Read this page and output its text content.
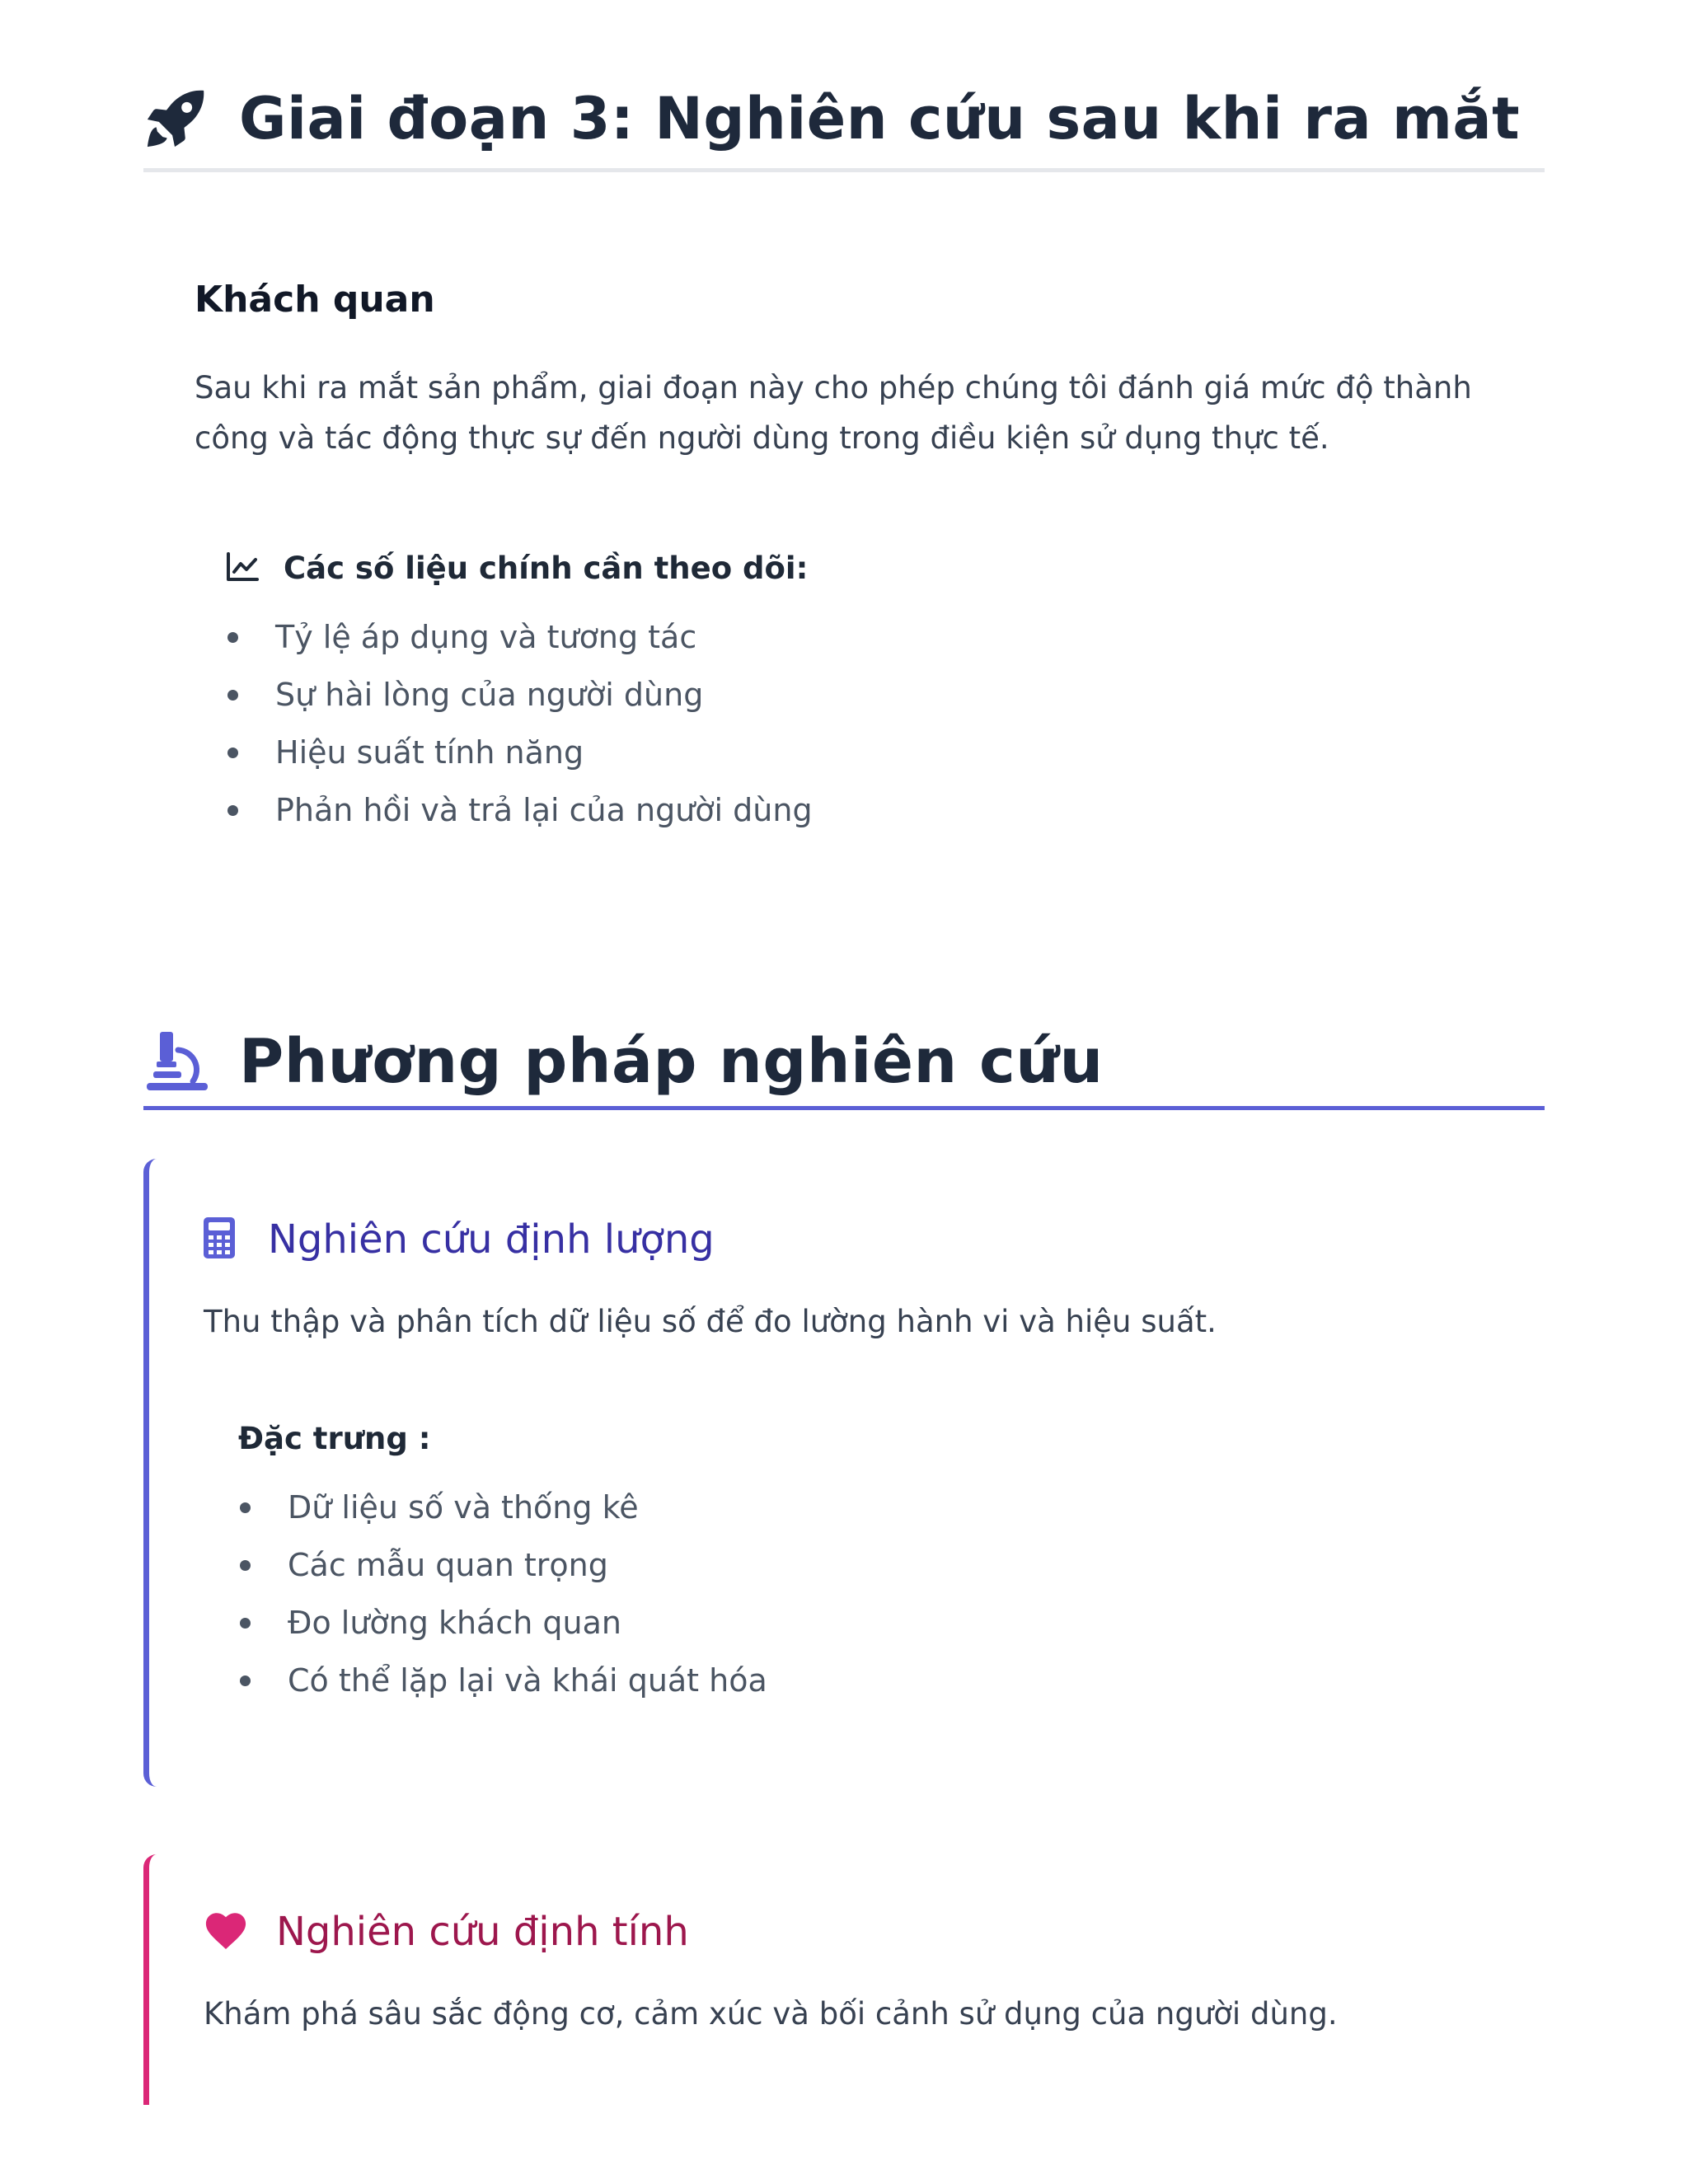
Giai đoạn 3: Nghiên cứu sau khi ra mắt
Khách quan

Sau khi ra mắt sản phẩm, giai đoạn này cho phép chúng tôi đánh giá mức độ thành công và tác động thực sự đến người dùng trong điều kiện sử dụng thực tế.

Các số liệu chính cần theo dõi:
Tỷ lệ áp dụng và tương tác
Sự hài lòng của người dùng
Hiệu suất tính năng
Phản hồi và trả lại của người dùng
Phương pháp nghiên cứu
Nghiên cứu định lượng

Thu thập và phân tích dữ liệu số để đo lường hành vi và hiệu suất.

Đặc trưng :
Dữ liệu số và thống kê
Các mẫu quan trọng
Đo lường khách quan
Có thể lặp lại và khái quát hóa
Nghiên cứu định tính

Khám phá sâu sắc động cơ, cảm xúc và bối cảnh sử dụng của người dùng.
